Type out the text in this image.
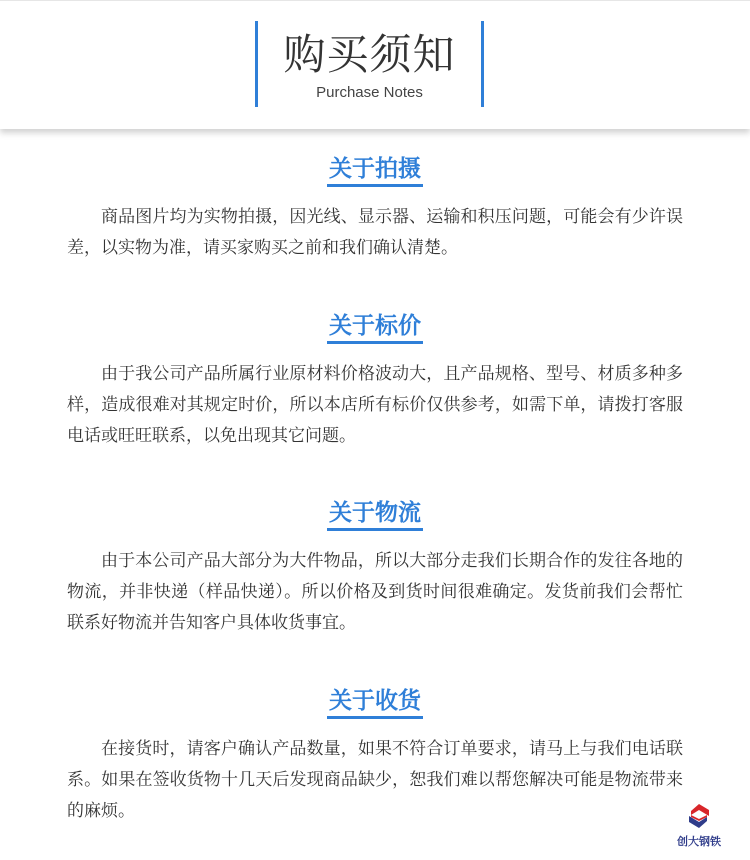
购买须知
Purchase Notes
关于拍摄

商品图片均为实物拍摄，因光线、显示器、运输和积压问题，可能会有少许误差，以实物为准，请买家购买之前和我们确认清楚。

关于标价

由于我公司产品所属行业原材料价格波动大，且产品规格、型号、材质多种多样，造成很难对其规定时价，所以本店所有标价仅供参考，如需下单，请拨打客服电话或旺旺联系，以免出现其它问题。

关于物流

由于本公司产品大部分为大件物品，所以大部分走我们长期合作的发往各地的物流，并非快递（样品快递）。所以价格及到货时间很难确定。发货前我们会帮忙联系好物流并告知客户具体收货事宜。

关于收货

在接货时，请客户确认产品数量，如果不符合订单要求，请马上与我们电话联系。如果在签收货物十几天后发现商品缺少，恕我们难以帮您解决可能是物流带来的麻烦。

创大钢铁
